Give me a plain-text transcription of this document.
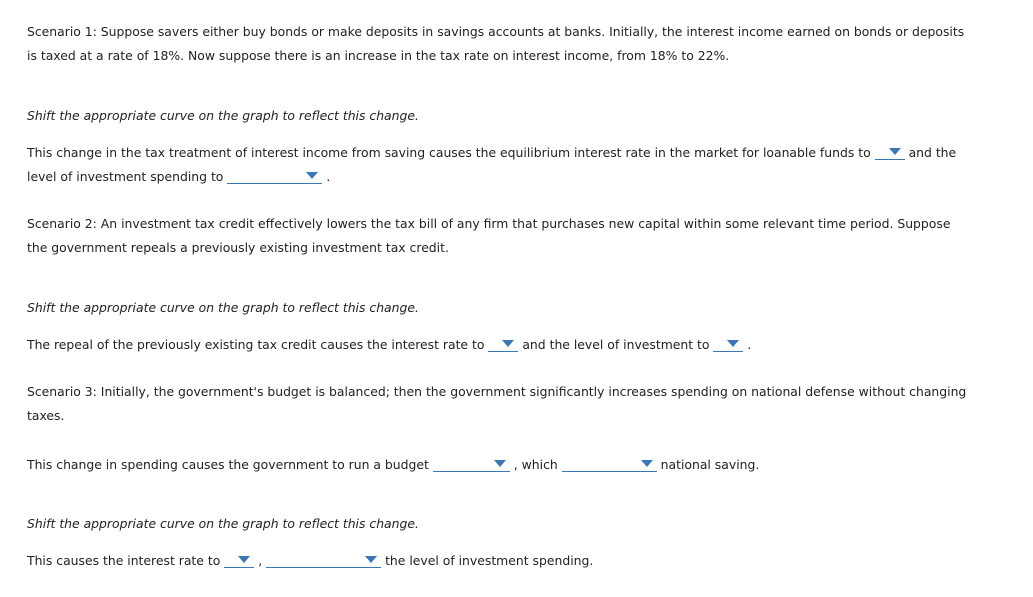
Scenario 1: Suppose savers either buy bonds or make deposits in savings accounts at banks. Initially, the interest income earned on bonds or deposits
is taxed at a rate of 18%. Now suppose there is an increase in the tax rate on interest income, from 18% to 22%.
Shift the appropriate curve on the graph to reflect this change.
This change in the tax treatment of interest income from saving causes the equilibrium interest rate in the market for loanable funds to	and the
level of investment spending to	.
Scenario 2: An investment tax credit effectively lowers the tax bill of any firm that purchases new capital within some relevant time period. Suppose
the government repeals a previously existing investment tax credit.
Shift the appropriate curve on the graph to reflect this change.
The repeal of the previously existing tax credit causes the interest rate to	and the level of investment to	.
Scenario 3: Initially, the government's budget is balanced; then the government significantly increases spending on national defense without changing
taxes.
This change in spending causes the government to run a budget	, which	national saving.
Shift the appropriate curve on the graph to reflect this change.
This causes the interest rate to	,	the level of investment spending.
